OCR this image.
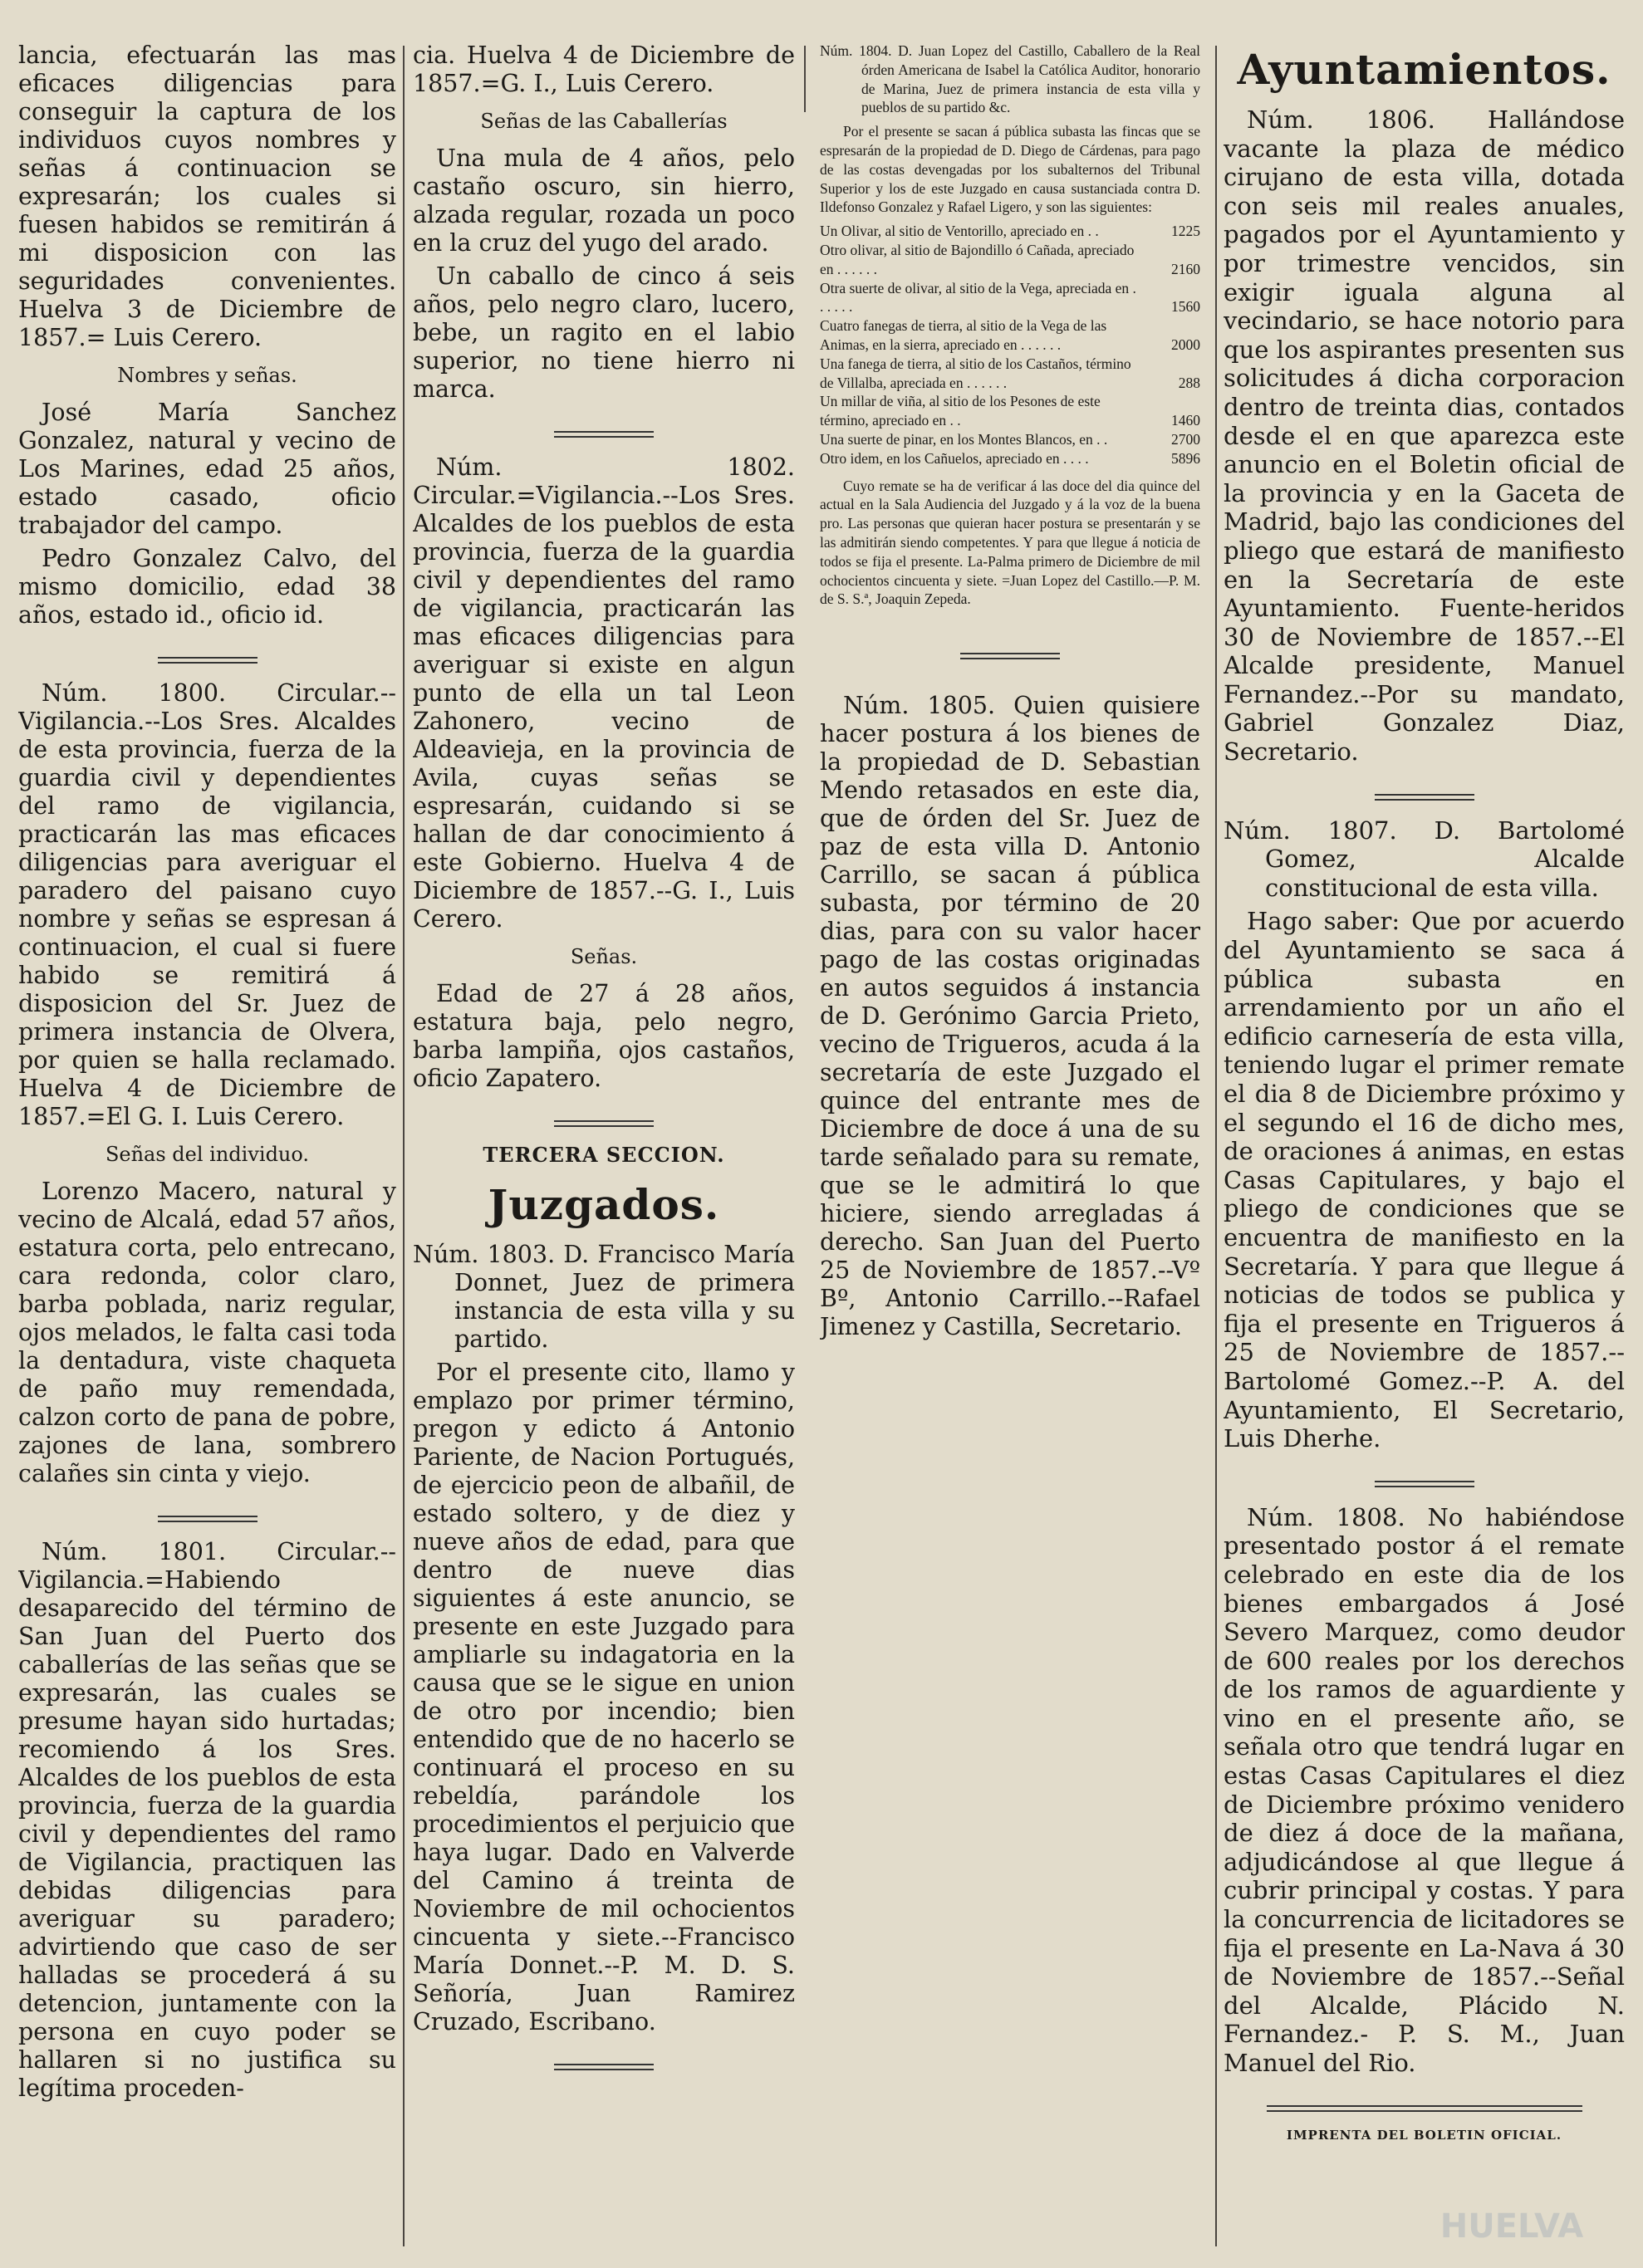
lancia, efectuarán las mas eficaces diligencias para conseguir la captura de los individuos cuyos nombres y señas á continuacion se expresarán; los cuales si fuesen habidos se remitirán á mi disposicion con las seguridades convenientes. Huelva 3 de Diciembre de 1857.= Luis Cerero.

Nombres y señas.

José María Sanchez Gonzalez, natural y vecino de Los Marines, edad 25 años, estado casado, oficio trabajador del campo.

Pedro Gonzalez Calvo, del mismo domicilio, edad 38 años, estado id., oficio id.

Núm. 1800. Circular.--Vigilancia.--Los Sres. Alcaldes de esta provincia, fuerza de la guardia civil y dependientes del ramo de vigilancia, practicarán las mas eficaces diligencias para averiguar el paradero del paisano cuyo nombre y señas se espresan á continuacion, el cual si fuere habido se remitirá á disposicion del Sr. Juez de primera instancia de Olvera, por quien se halla reclamado. Huelva 4 de Diciembre de 1857.=El G. I. Luis Cerero.

Señas del individuo.

Lorenzo Macero, natural y vecino de Alcalá, edad 57 años, estatura corta, pelo entrecano, cara redonda, color claro, barba poblada, nariz regular, ojos melados, le falta casi toda la dentadura, viste chaqueta de paño muy remendada, calzon corto de pana de pobre, zajones de lana, sombrero calañes sin cinta y viejo.

Núm. 1801. Circular.--Vigilancia.=Habiendo desaparecido del término de San Juan del Puerto dos caballerías de las señas que se expresarán, las cuales se presume hayan sido hurtadas; recomiendo á los Sres. Alcaldes de los pueblos de esta provincia, fuerza de la guardia civil y dependientes del ramo de Vigilancia, practiquen las debidas diligencias para averiguar su paradero; advirtiendo que caso de ser halladas se procederá á su detencion, juntamente con la persona en cuyo poder se hallaren si no justifica su legítima proceden-

cia. Huelva 4 de Diciembre de 1857.=G. I., Luis Cerero.

Señas de las Caballerías

Una mula de 4 años, pelo castaño oscuro, sin hierro, alzada regular, rozada un poco en la cruz del yugo del arado.

Un caballo de cinco á seis años, pelo negro claro, lucero, bebe, un ragito en el labio superior, no tiene hierro ni marca.

Núm. 1802. Circular.=Vigilancia.--Los Sres. Alcaldes de los pueblos de esta provincia, fuerza de la guardia civil y dependientes del ramo de vigilancia, practicarán las mas eficaces diligencias para averiguar si existe en algun punto de ella un tal Leon Zahonero, vecino de Aldeavieja, en la provincia de Avila, cuyas señas se espresarán, cuidando si se hallan de dar conocimiento á este Gobierno. Huelva 4 de Diciembre de 1857.--G. I., Luis Cerero.

Señas.

Edad de 27 á 28 años, estatura baja, pelo negro, barba lampiña, ojos castaños, oficio Zapatero.

TERCERA SECCION.
Juzgados.

Núm. 1803. D. Francisco María Donnet, Juez de primera instancia de esta villa y su partido.

Por el presente cito, llamo y emplazo por primer término, pregon y edicto á Antonio Pariente, de Nacion Portugués, de ejercicio peon de albañil, de estado soltero, y de diez y nueve años de edad, para que dentro de nueve dias siguientes á este anuncio, se presente en este Juzgado para ampliarle su indagatoria en la causa que se le sigue en union de otro por incendio; bien entendido que de no hacerlo se continuará el proceso en su rebeldía, parándole los procedimientos el perjuicio que haya lugar. Dado en Valverde del Camino á treinta de Noviembre de mil ochocientos cincuenta y siete.--Francisco María Donnet.--P. M. D. S. Señoría, Juan Ramirez Cruzado, Escribano.

Núm. 1804. D. Juan Lopez del Castillo, Caballero de la Real órden Americana de Isabel la Católica Auditor, honorario de Marina, Juez de primera instancia de esta villa y pueblos de su partido &c.

Por el presente se sacan á pública subasta las fincas que se espresarán de la propiedad de D. Diego de Cárdenas, para pago de las costas devengadas por los subalternos del Tribunal Superior y los de este Juzgado en causa sustanciada contra D. Ildefonso Gonzalez y Rafael Ligero, y son las siguientes:

Un Olivar, al sitio de Ventorillo, apreciado en . .	1225
Otro olivar, al sitio de Bajondillo ó Cañada, apreciado en . . . . . .	2160
Otra suerte de olivar, al sitio de la Vega, apreciada en . . . . . .	1560
Cuatro fanegas de tierra, al sitio de la Vega de las Animas, en la sierra, apreciado en . . . . . .	2000
Una fanega de tierra, al sitio de los Castaños, término de Villalba, apreciada en . . . . . .	288
Un millar de viña, al sitio de los Pesones de este término, apreciado en . .	1460
Una suerte de pinar, en los Montes Blancos, en . .	2700
Otro idem, en los Cañuelos, apreciado en . . . .	5896

Cuyo remate se ha de verificar á las doce del dia quince del actual en la Sala Audiencia del Juzgado y á la voz de la buena pro. Las personas que quieran hacer postura se presentarán y se las admitirán siendo competentes. Y para que llegue á noticia de todos se fija el presente. La-Palma primero de Diciembre de mil ochocientos cincuenta y siete. =Juan Lopez del Castillo.—P. M. de S. S.ª, Joaquin Zepeda.

Núm. 1805. Quien quisiere hacer postura á los bienes de la propiedad de D. Sebastian Mendo retasados en este dia, que de órden del Sr. Juez de paz de esta villa D. Antonio Carrillo, se sacan á pública subasta, por término de 20 dias, para con su valor hacer pago de las costas originadas en autos seguidos á instancia de D. Gerónimo Garcia Prieto, vecino de Trigueros, acuda á la secretaría de este Juzgado el quince del entrante mes de Diciembre de doce á una de su tarde señalado para su remate, que se le admitirá lo que hiciere, siendo arregladas á derecho. San Juan del Puerto 25 de Noviembre de 1857.--Vº Bº, Antonio Carrillo.--Rafael Jimenez y Castilla, Secretario.

Ayuntamientos.

Núm. 1806. Hallándose vacante la plaza de médico cirujano de esta villa, dotada con seis mil reales anuales, pagados por el Ayuntamiento y por trimestre vencidos, sin exigir iguala alguna al vecindario, se hace notorio para que los aspirantes presenten sus solicitudes á dicha corporacion dentro de treinta dias, contados desde el en que aparezca este anuncio en el Boletin oficial de la provincia y en la Gaceta de Madrid, bajo las condiciones del pliego que estará de manifiesto en la Secretaría de este Ayuntamiento. Fuente-heridos 30 de Noviembre de 1857.--El Alcalde presidente, Manuel Fernandez.--Por su mandato, Gabriel Gonzalez Diaz, Secretario.

Núm. 1807. D. Bartolomé Gomez, Alcalde constitucional de esta villa.

Hago saber: Que por acuerdo del Ayuntamiento se saca á pública subasta en arrendamiento por un año el edificio carnesería de esta villa, teniendo lugar el primer remate el dia 8 de Diciembre próximo y el segundo el 16 de dicho mes, de oraciones á animas, en estas Casas Capitulares, y bajo el pliego de condiciones que se encuentra de manifiesto en la Secretaría. Y para que llegue á noticias de todos se publica y fija el presente en Trigueros á 25 de Noviembre de 1857.--Bartolomé Gomez.--P. A. del Ayuntamiento, El Secretario, Luis Dherhe.

Núm. 1808. No habiéndose presentado postor á el remate celebrado en este dia de los bienes embargados á José Severo Marquez, como deudor de 600 reales por los derechos de los ramos de aguardiente y vino en el presente año, se señala otro que tendrá lugar en estas Casas Capitulares el diez de Diciembre próximo venidero de diez á doce de la mañana, adjudicándose al que llegue á cubrir principal y costas. Y para la concurrencia de licitadores se fija el presente en La-Nava á 30 de Noviembre de 1857.--Señal del Alcalde, Plácido N. Fernandez.- P. S. M., Juan Manuel del Rio.

IMPRENTA DEL BOLETIN OFICIAL.
HUELVA
